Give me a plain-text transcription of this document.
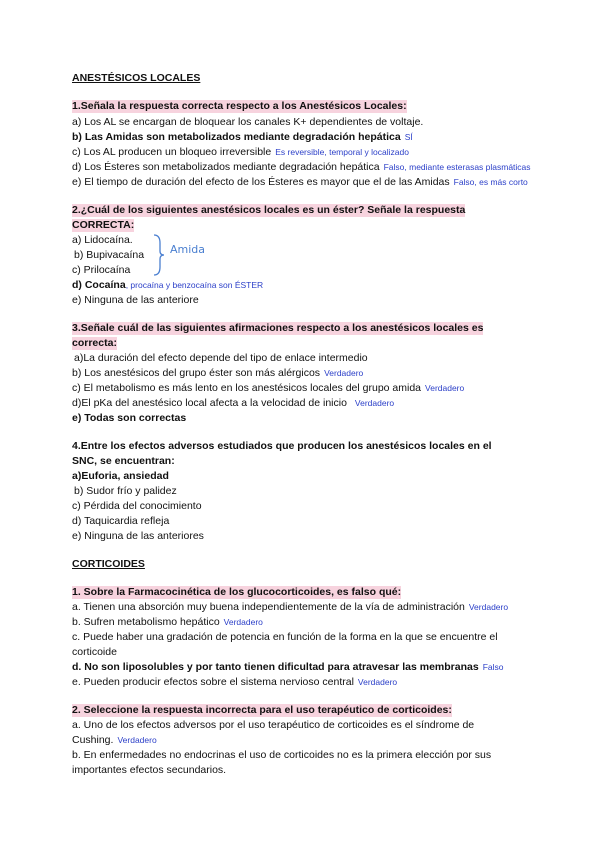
ANESTÉSICOS LOCALES
1.Señala la respuesta correcta respecto a los Anestésicos Locales:
a) Los AL se encargan de bloquear los canales K+ dependientes de voltaje.
b) Las Amidas son metabolizados mediante degradación hepática SÍ
c) Los AL producen un bloqueo irreversible Es reversible, temporal y localizado
d) Los Ésteres son metabolizados mediante degradación hepática Falso, mediante esterasas plasmáticas
e) El tiempo de duración del efecto de los Ésteres es mayor que el de las Amidas Falso, es más corto
2.¿Cuál de los siguientes anestésicos locales es un éster? Señale la respuesta
CORRECTA:
a) Lidocaína.
b) Bupivacaína
c) Prilocaína
Amida
d) Cocaína, procaína y benzocaína son ÉSTER
e) Ninguna de las anteriore
3.Señale cuál de las siguientes afirmaciones respecto a los anestésicos locales es
correcta:
a)La duración del efecto depende del tipo de enlace intermedio
b) Los anestésicos del grupo éster son más alérgicos Verdadero
c) El metabolismo es más lento en los anestésicos locales del grupo amida Verdadero
d)El pKa del anestésico local afecta a la velocidad de inicio Verdadero
e) Todas son correctas
4.Entre los efectos adversos estudiados que producen los anestésicos locales en el
SNC, se encuentran:
a)Euforia, ansiedad
b) Sudor frío y palidez
c) Pérdida del conocimiento
d) Taquicardia refleja
e) Ninguna de las anteriores
CORTICOIDES
1. Sobre la Farmacocinética de los glucocorticoides, es falso qué:
a. Tienen una absorción muy buena independientemente de la vía de administración Verdadero
b. Sufren metabolismo hepático Verdadero
c. Puede haber una gradación de potencia en función de la forma en la que se encuentre el
corticoide
d. No son liposolubles y por tanto tienen dificultad para atravesar las membranas Falso
e. Pueden producir efectos sobre el sistema nervioso central Verdadero
2. Seleccione la respuesta incorrecta para el uso terapéutico de corticoides:
a. Uno de los efectos adversos por el uso terapéutico de corticoides es el síndrome de
Cushing. Verdadero
b. En enfermedades no endocrinas el uso de corticoides no es la primera elección por sus
importantes efectos secundarios.
